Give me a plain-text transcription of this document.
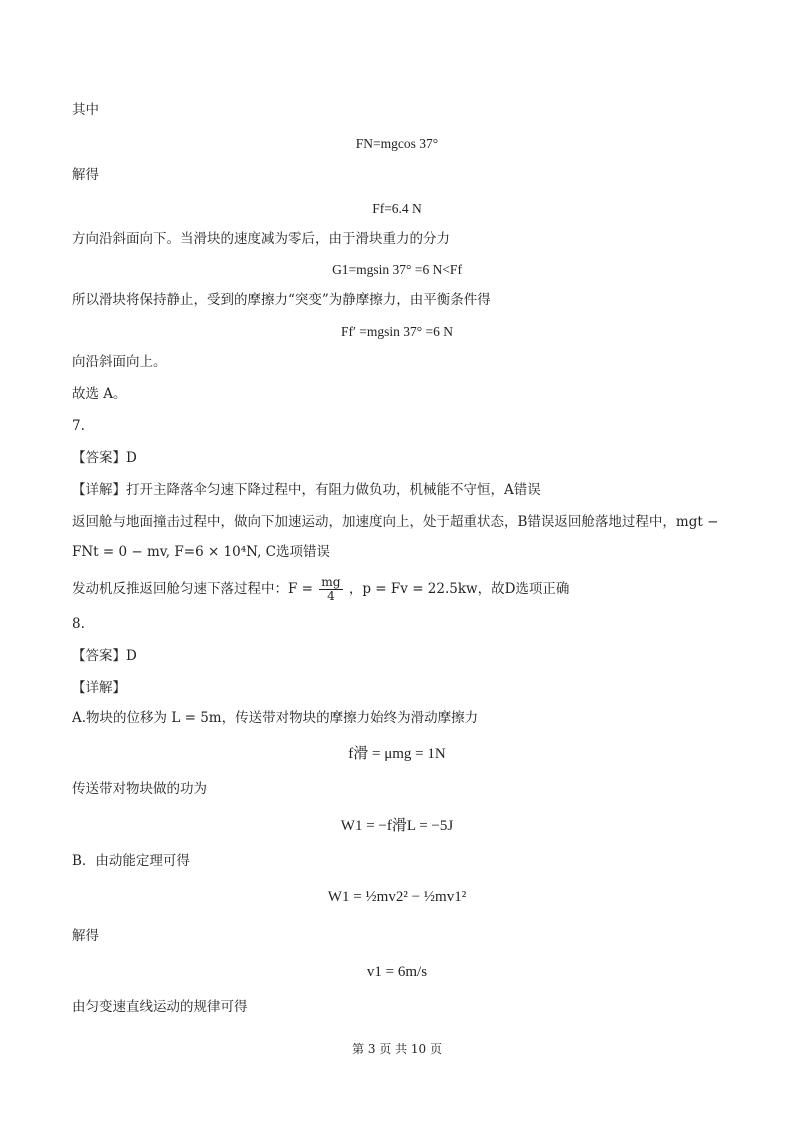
其中
FN=mgcos 37°
解得
Ff=6.4 N
方向沿斜面向下。当滑块的速度减为零后，由于滑块重力的分力
G1=mgsin 37° =6 N<Ff
所以滑块将保持静止，受到的摩擦力“突变”为静摩擦力，由平衡条件得
Ff′ =mgsin 37° =6 N
向沿斜面向上。
故选 A。
7.
【答案】D
【详解】打开主降落伞匀速下降过程中，有阻力做负功，机械能不守恒，A错误
返回舱与地面撞击过程中，做向下加速运动，加速度向上，处于超重状态，B错误返回舱落地过程中，mgt −
FNt = 0 − mv, F=6 × 10⁴N, C选项错误
发动机反推返回舱匀速下落过程中：$F = \frac{mg}{4}$ ，p = Fv = 22.5kw，故D选项正确
8.
【答案】D
【详解】
A.物块的位移为 L = 5m，传送带对物块的摩擦力始终为滑动摩擦力
f滑 = μmg = 1N
传送带对物块做的功为
W1 = −f滑L = −5J
B．由动能定理可得
W1 = ½mv2² − ½mv1²
解得
v1 = 6m/s
由匀变速直线运动的规律可得
第 3 页 共 10 页
